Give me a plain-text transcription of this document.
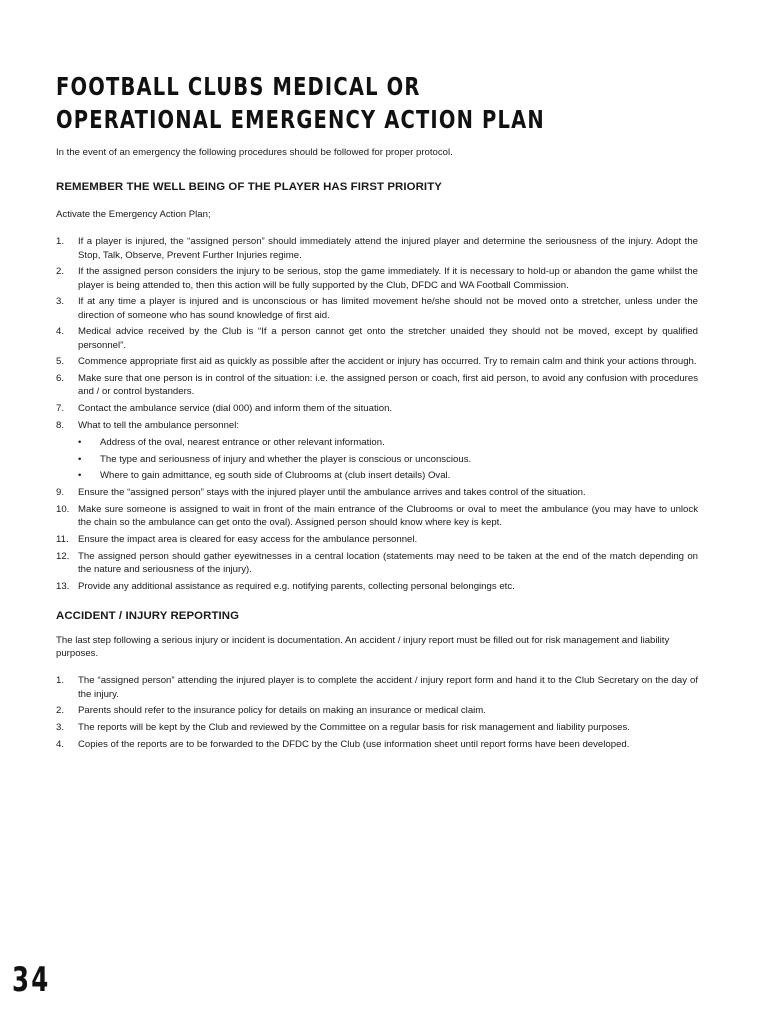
FOOTBALL CLUBS MEDICAL OR OPERATIONAL EMERGENCY ACTION PLAN

In the event of an emergency the following procedures should be followed for proper protocol.

REMEMBER THE WELL BEING OF THE PLAYER HAS FIRST PRIORITY

Activate the Emergency Action Plan;

1. If a player is injured, the “assigned person” should immediately attend the injured player and determine the seriousness of the injury. Adopt the Stop, Talk, Observe, Prevent Further Injuries regime.
2. If the assigned person considers the injury to be serious, stop the game immediately. If it is necessary to hold-up or abandon the game whilst the player is being attended to, then this action will be fully supported by the Club, DFDC and WA Football Commission.
3. If at any time a player is injured and is unconscious or has limited movement he/she should not be moved onto a stretcher, unless under the direction of someone who has sound knowledge of first aid.
4. Medical advice received by the Club is “If a person cannot get onto the stretcher unaided they should not be moved, except by qualified personnel”.
5. Commence appropriate first aid as quickly as possible after the accident or injury has occurred. Try to remain calm and think your actions through.
6. Make sure that one person is in control of the situation: i.e. the assigned person or coach, first aid person, to avoid any confusion with procedures and / or control bystanders.
7. Contact the ambulance service (dial 000) and inform them of the situation.
8. What to tell the ambulance personnel:
• Address of the oval, nearest entrance or other relevant information.
• The type and seriousness of injury and whether the player is conscious or unconscious.
• Where to gain admittance, eg south side of Clubrooms at (club insert details) Oval.
9. Ensure the “assigned person” stays with the injured player until the ambulance arrives and takes control of the situation.
10. Make sure someone is assigned to wait in front of the main entrance of the Clubrooms or oval to meet the ambulance (you may have to unlock the chain so the ambulance can get onto the oval). Assigned person should know where key is kept.
11. Ensure the impact area is cleared for easy access for the ambulance personnel.
12. The assigned person should gather eyewitnesses in a central location (statements may need to be taken at the end of the match depending on the nature and seriousness of the injury).
13. Provide any additional assistance as required e.g. notifying parents, collecting personal belongings etc.
ACCIDENT / INJURY REPORTING

The last step following a serious injury or incident is documentation. An accident / injury report must be filled out for risk management and liability purposes.

1. The “assigned person” attending the injured player is to complete the accident / injury report form and hand it to the Club Secretary on the day of the injury.
2. Parents should refer to the insurance policy for details on making an insurance or medical claim.
3. The reports will be kept by the Club and reviewed by the Committee on a regular basis for risk management and liability purposes.
4. Copies of the reports are to be forwarded to the DFDC by the Club (use information sheet until report forms have been developed.
34
